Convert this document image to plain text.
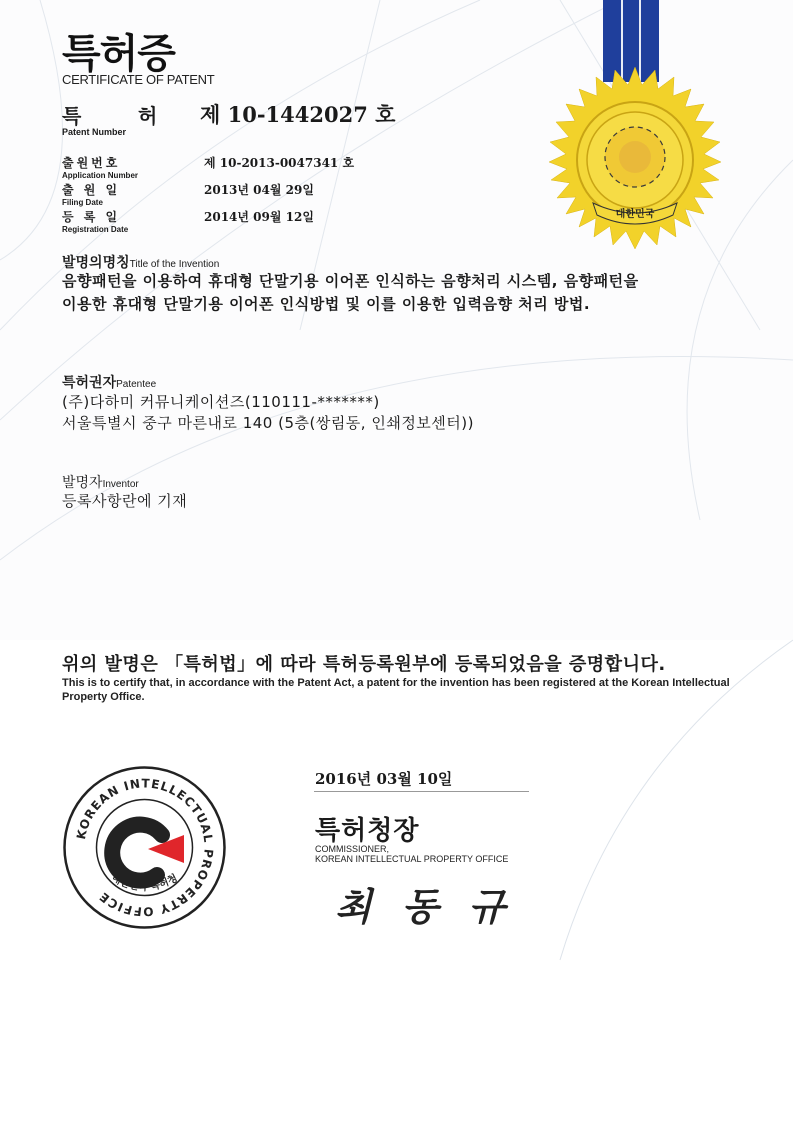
대한민국
특허증
CERTIFICATE OF PATENT
특	허 제 10-1442027 호
Patent Number
출원번호
Application Number
제 10-2013-0047341 호
출 원 일
Filing Date
2013년 04월 29일
등 록 일
Registration Date
2014년 09월 12일
발명의명칭Title of the Invention
음향패턴을 이용하여 휴대형 단말기용 이어폰 인식하는 음향처리 시스템, 음향패턴을
이용한 휴대형 단말기용 이어폰 인식방법 및 이를 이용한 입력음향 처리 방법.
특허권자Patentee
(주)다하미 커뮤니케이션즈(110111-*******)
서울특별시 중구 마른내로 140 (5층(쌍림동, 인쇄정보센터))
발명자Inventor
등록사항란에 기재
위의 발명은 「특허법」에 따라 특허등록원부에 등록되었음을 증명합니다.
This is to certify that, in accordance with the Patent Act, a patent for the invention has been registered at the Korean Intellectual Property Office.
KOREAN INTELLECTUAL PROPERTY OFFICE
대한민국 특허청
2016년 03월 10일
특허청장
COMMISSIONER,
KOREAN INTELLECTUAL PROPERTY OFFICE
최동규
